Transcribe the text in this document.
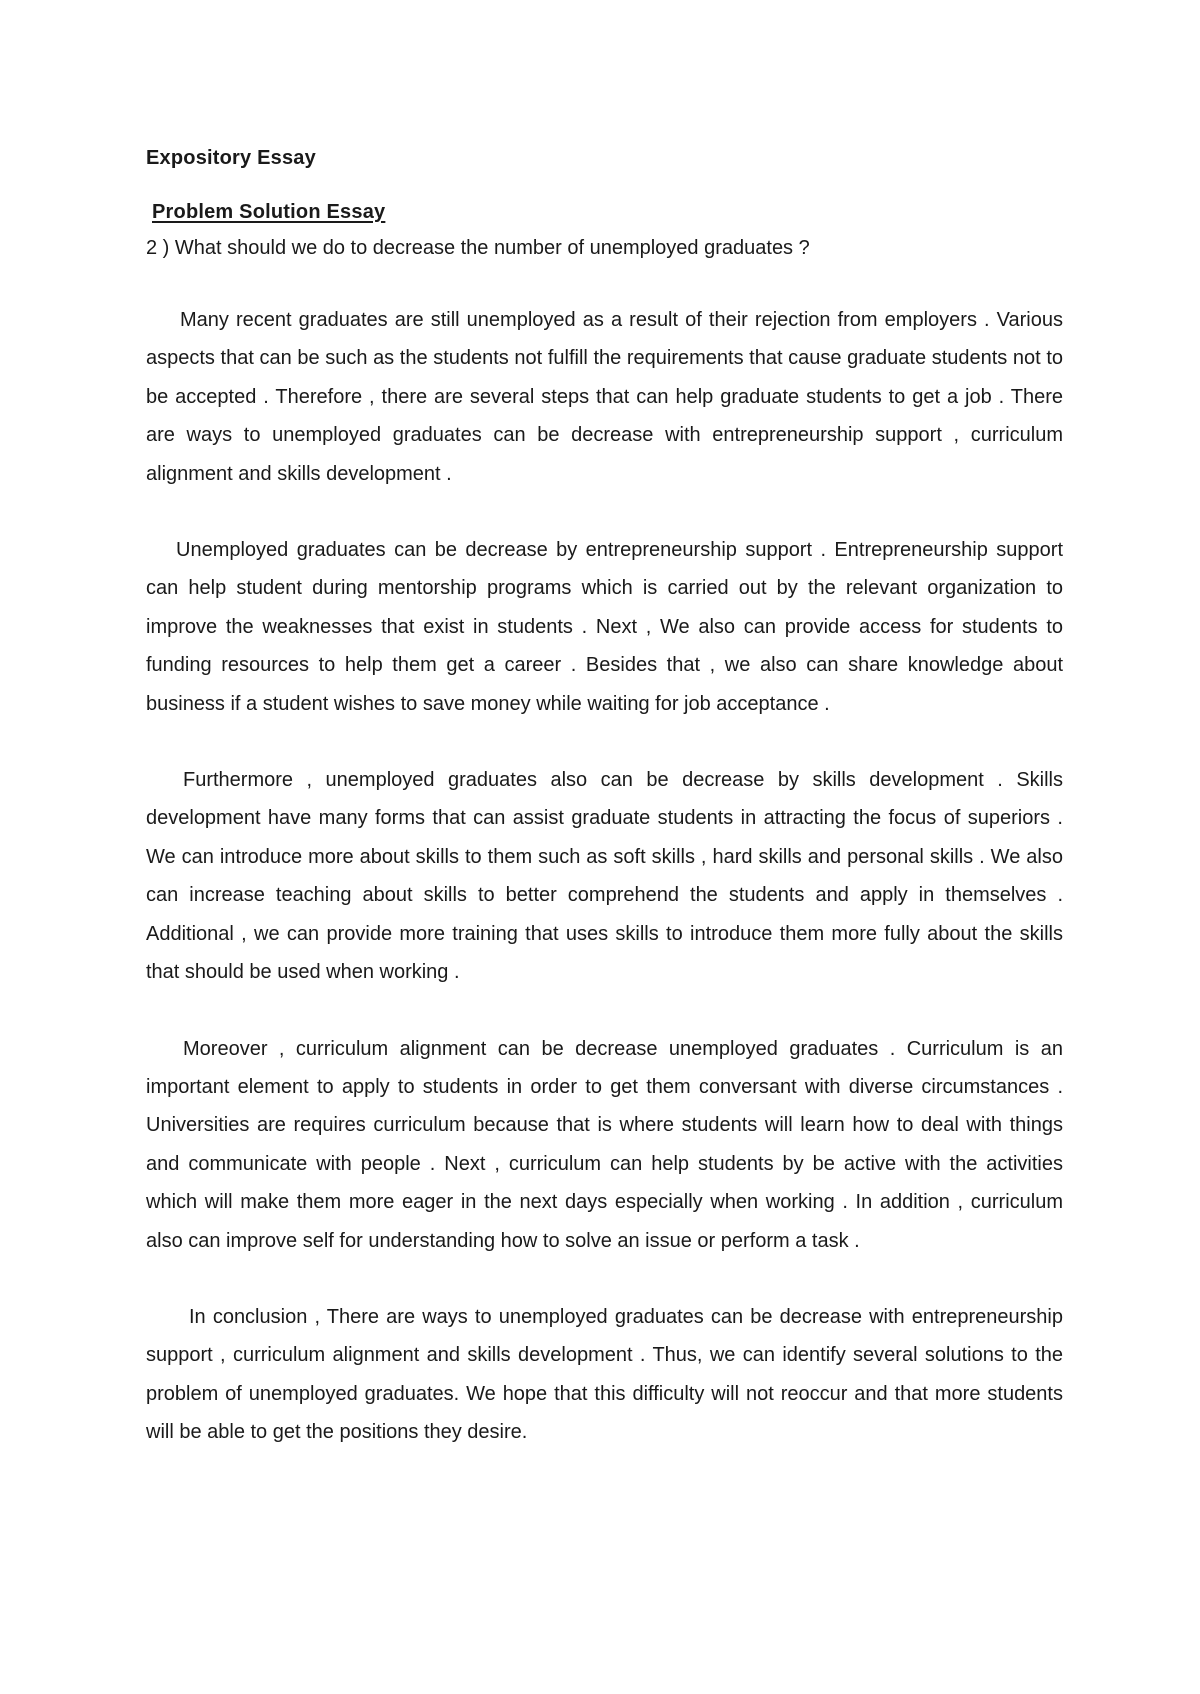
Expository Essay
Problem Solution Essay
2 ) What should we do to decrease the number of unemployed graduates ?

Many recent graduates are still unemployed as a result of their rejection from employers . Various aspects that can be such as the students not fulfill the requirements that cause graduate students not to be accepted . Therefore , there are several steps that can help graduate students to get a job . There are ways to unemployed graduates can be decrease with entrepreneurship support , curriculum alignment and skills development .

Unemployed graduates can be decrease by entrepreneurship support . Entrepreneurship support can help student during mentorship programs which is carried out by the relevant organization to improve the weaknesses that exist in students . Next , We also can provide access for students to funding resources to help them get a career . Besides that , we also can share knowledge about business if a student wishes to save money while waiting for job acceptance .

Furthermore , unemployed graduates also can be decrease by skills development . Skills development have many forms that can assist graduate students in attracting the focus of superiors . We can introduce more about skills to them such as soft skills , hard skills and personal skills . We also can increase teaching about skills to better comprehend the students and apply in themselves . Additional , we can provide more training that uses skills to introduce them more fully about the skills that should be used when working .

Moreover , curriculum alignment can be decrease unemployed graduates . Curriculum is an important element to apply to students in order to get them conversant with diverse circumstances . Universities are requires curriculum because that is where students will learn how to deal with things and communicate with people . Next , curriculum can help students by be active with the activities which will make them more eager in the next days especially when working . In addition , curriculum also can improve self for understanding how to solve an issue or perform a task .

In conclusion , There are ways to unemployed graduates can be decrease with entrepreneurship support , curriculum alignment and skills development . Thus, we can identify several solutions to the problem of unemployed graduates. We hope that this difficulty will not reoccur and that more students will be able to get the positions they desire.
